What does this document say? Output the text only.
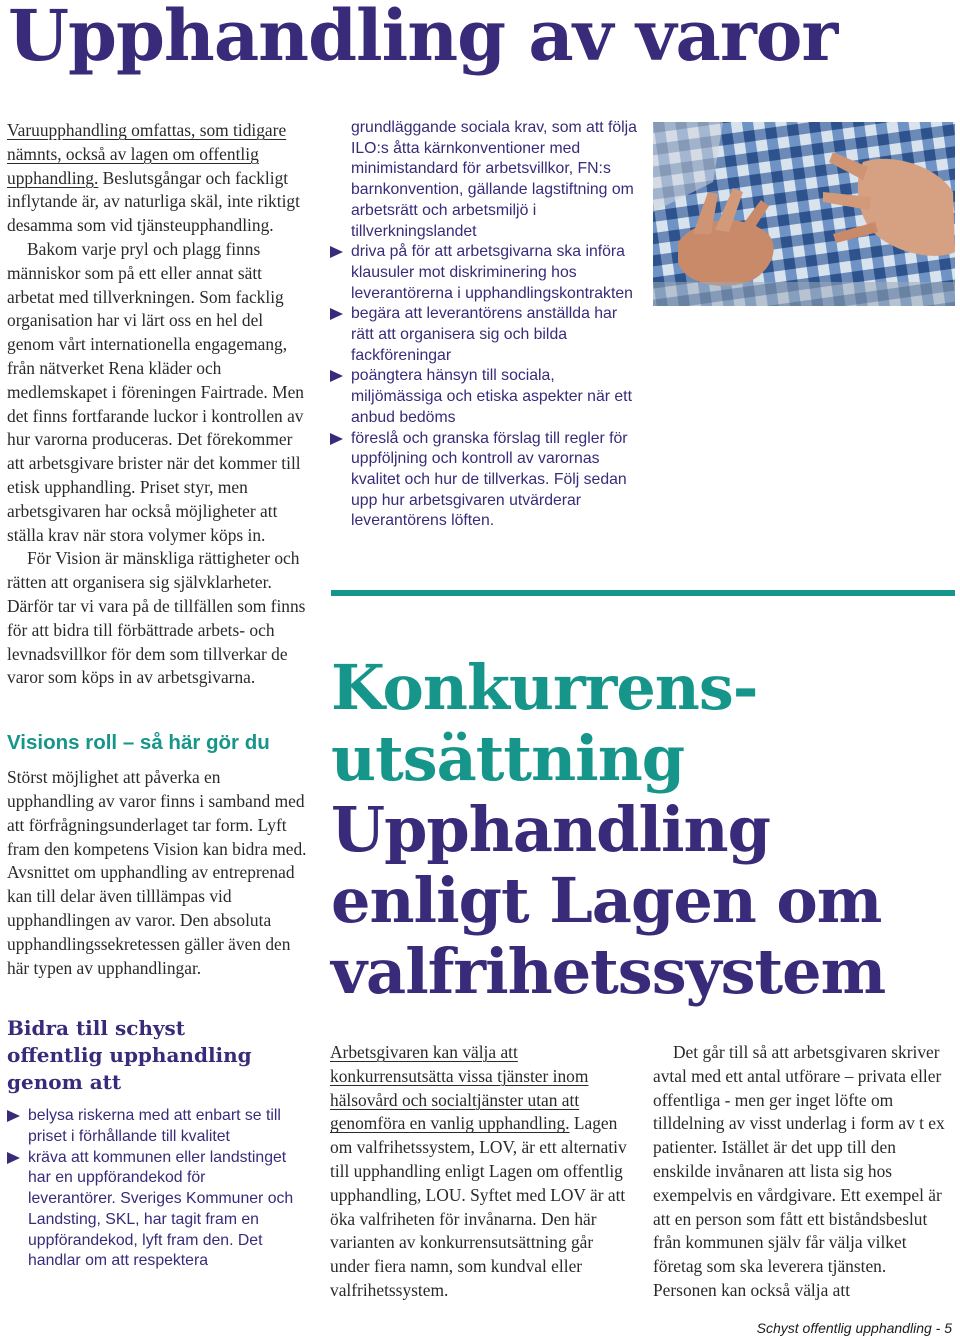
Upphandling av varor

Varuupphandling omfattas, som tidigare nämnts, också av lagen om offentlig upphandling. Beslutsgångar och fackligt inflytande är, av naturliga skäl, inte riktigt desamma som vid tjänsteupphandling.

Bakom varje pryl och plagg finns människor som på ett eller annat sätt arbetat med tillverkningen. Som facklig organisation har vi lärt oss en hel del genom vårt internationella engagemang, från nätverket Rena kläder och medlemskapet i föreningen Fairtrade. Men det finns fortfarande luckor i kontrollen av hur varorna produceras. Det förekommer att arbetsgivare brister när det kommer till etisk upphandling. Priset styr, men arbetsgivaren har också möjligheter att ställa krav när stora volymer köps in.

För Vision är mänskliga rättigheter och rätten att organisera sig självklarheter. Därför tar vi vara på de tillfällen som finns för att bidra till förbättrade arbets- och levnadsvillkor för dem som tillverkar de varor som köps in av arbetsgivarna.

Visions roll – så här gör du

Störst möjlighet att påverka en upphandling av varor finns i samband med att förfrågningsunderlaget tar form. Lyft fram den kompetens Vision kan bidra med. Avsnittet om upphandling av entreprenad kan till delar även tilllämpas vid upphandlingen av varor. Den absoluta upphandlingssekretessen gäller även den här typen av upphandlingar.

Bidra till schyst offentlig upphandling genom att
belysa riskerna med att enbart se till priset i förhållande till kvalitet
kräva att kommunen eller landstinget har en uppförandekod för leverantörer. Sveriges Kommuner och Landsting, SKL, har tagit fram en uppförandekod, lyft fram den. Det handlar om att respektera

grundläggande sociala krav, som att följa ILO:s åtta kärnkonventioner med minimistandard för arbetsvillkor, FN:s barnkonvention, gällande lagstiftning om arbetsrätt och arbetsmiljö i tillverkningslandet

driva på för att arbetsgivarna ska införa klausuler mot diskriminering hos leverantörerna i upphandlingskontrakten
begära att leverantörens anställda har rätt att organisera sig och bilda fackföreningar
poängtera hänsyn till sociala, miljömässiga och etiska aspekter när ett anbud bedöms
föreslå och granska förslag till regler för uppföljning och kontroll av varornas kvalitet och hur de tillverkas. Följ sedan upp hur arbetsgivaren utvärderar leverantörens löften.
Konkurrens-
utsättning
Upphandling
enligt Lagen om
valfrihetssystem

Arbetsgivaren kan välja att konkurrensutsätta vissa tjänster inom hälsovård och socialtjänster utan att genomföra en vanlig upphandling. Lagen om valfrihetssystem, LOV, är ett alternativ till upphandling enligt Lagen om offentlig upphandling, LOU. Syftet med LOV är att öka valfriheten för invånarna. Den här varianten av konkurrensutsättning går under fiera namn, som kundval eller valfrihetssystem.

Det går till så att arbetsgivaren skriver avtal med ett antal utförare – privata eller offentliga - men ger inget löfte om tilldelning av visst underlag i form av t ex patienter. Istället är det upp till den enskilde invånaren att lista sig hos exempelvis en vårdgivare. Ett exempel är att en person som fått ett biståndsbeslut från kommunen själv får välja vilket företag som ska leverera tjänsten. Personen kan också välja att

Schyst offentlig upphandling - 5
